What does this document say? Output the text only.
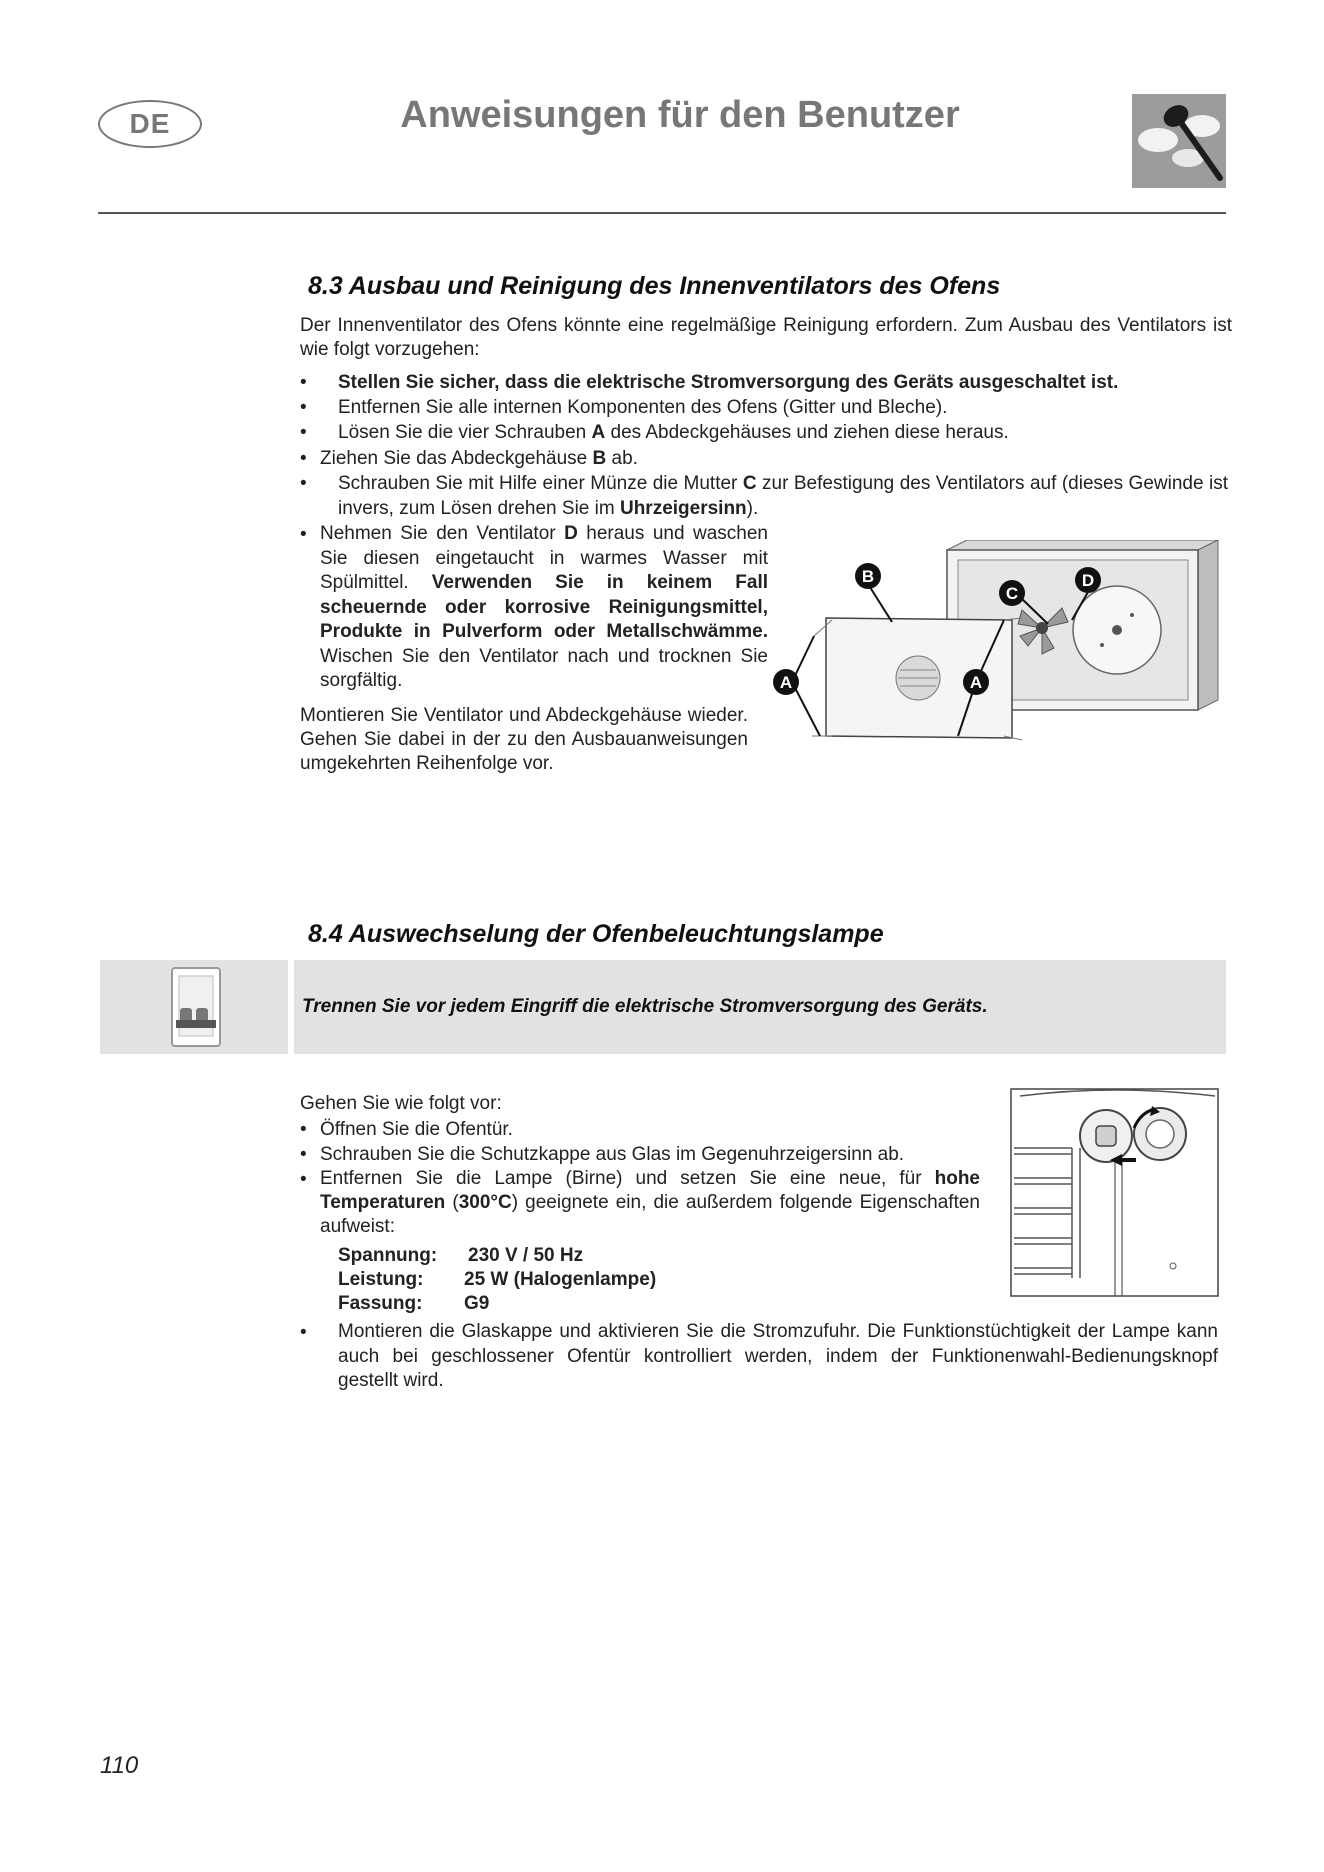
DE	Anweisungen für den Benutzer
8.3 Ausbau und Reinigung des Innenventilators des Ofens
Der Innenventilator des Ofens könnte eine regelmäßige Reinigung erfordern. Zum Ausbau des Ventilators ist wie folgt vorzugehen:
• Stellen Sie sicher, dass die elektrische Stromversorgung des Geräts ausgeschaltet ist.
• Entfernen Sie alle internen Komponenten des Ofens (Gitter und Bleche).
• Lösen Sie die vier Schrauben A des Abdeckgehäuses und ziehen diese heraus.
• Ziehen Sie das Abdeckgehäuse B ab.
• Schrauben Sie mit Hilfe einer Münze die Mutter C zur Befestigung des Ventilators auf (dieses Gewinde ist invers, zum Lösen drehen Sie im Uhrzeigersinn).
• Nehmen Sie den Ventilator D heraus und waschen Sie diesen eingetaucht in warmes Wasser mit Spülmittel. Verwenden Sie in keinem Fall scheuernde oder korrosive Reinigungsmittel, Produkte in Pulverform oder Metallschwämme. Wischen Sie den Ventilator nach und trocknen Sie sorgfältig.
Montieren Sie Ventilator und Abdeckgehäuse wieder. Gehen Sie dabei in der zu den Ausbauanweisungen umgekehrten Reihenfolge vor.
B
C
D
A	A
8.4 Auswechselung der Ofenbeleuchtungslampe
Trennen Sie vor jedem Eingriff die elektrische Stromversorgung des Geräts.
Gehen Sie wie folgt vor:
• Öffnen Sie die Ofentür.
• Schrauben Sie die Schutzkappe aus Glas im Gegenuhrzeigersinn ab.
• Entfernen Sie die Lampe (Birne) und setzen Sie eine neue, für hohe Temperaturen (300°C) geeignete ein, die außerdem folgende Eigenschaften aufweist:
Spannung: 230 V / 50 Hz
Leistung: 25 W (Halogenlampe)
Fassung: G9
• Montieren die Glaskappe und aktivieren Sie die Stromzufuhr. Die Funktionstüchtigkeit der Lampe kann auch bei geschlossener Ofentür kontrolliert werden, indem der Funktionenwahl-Bedienungsknopf gestellt wird.
110
